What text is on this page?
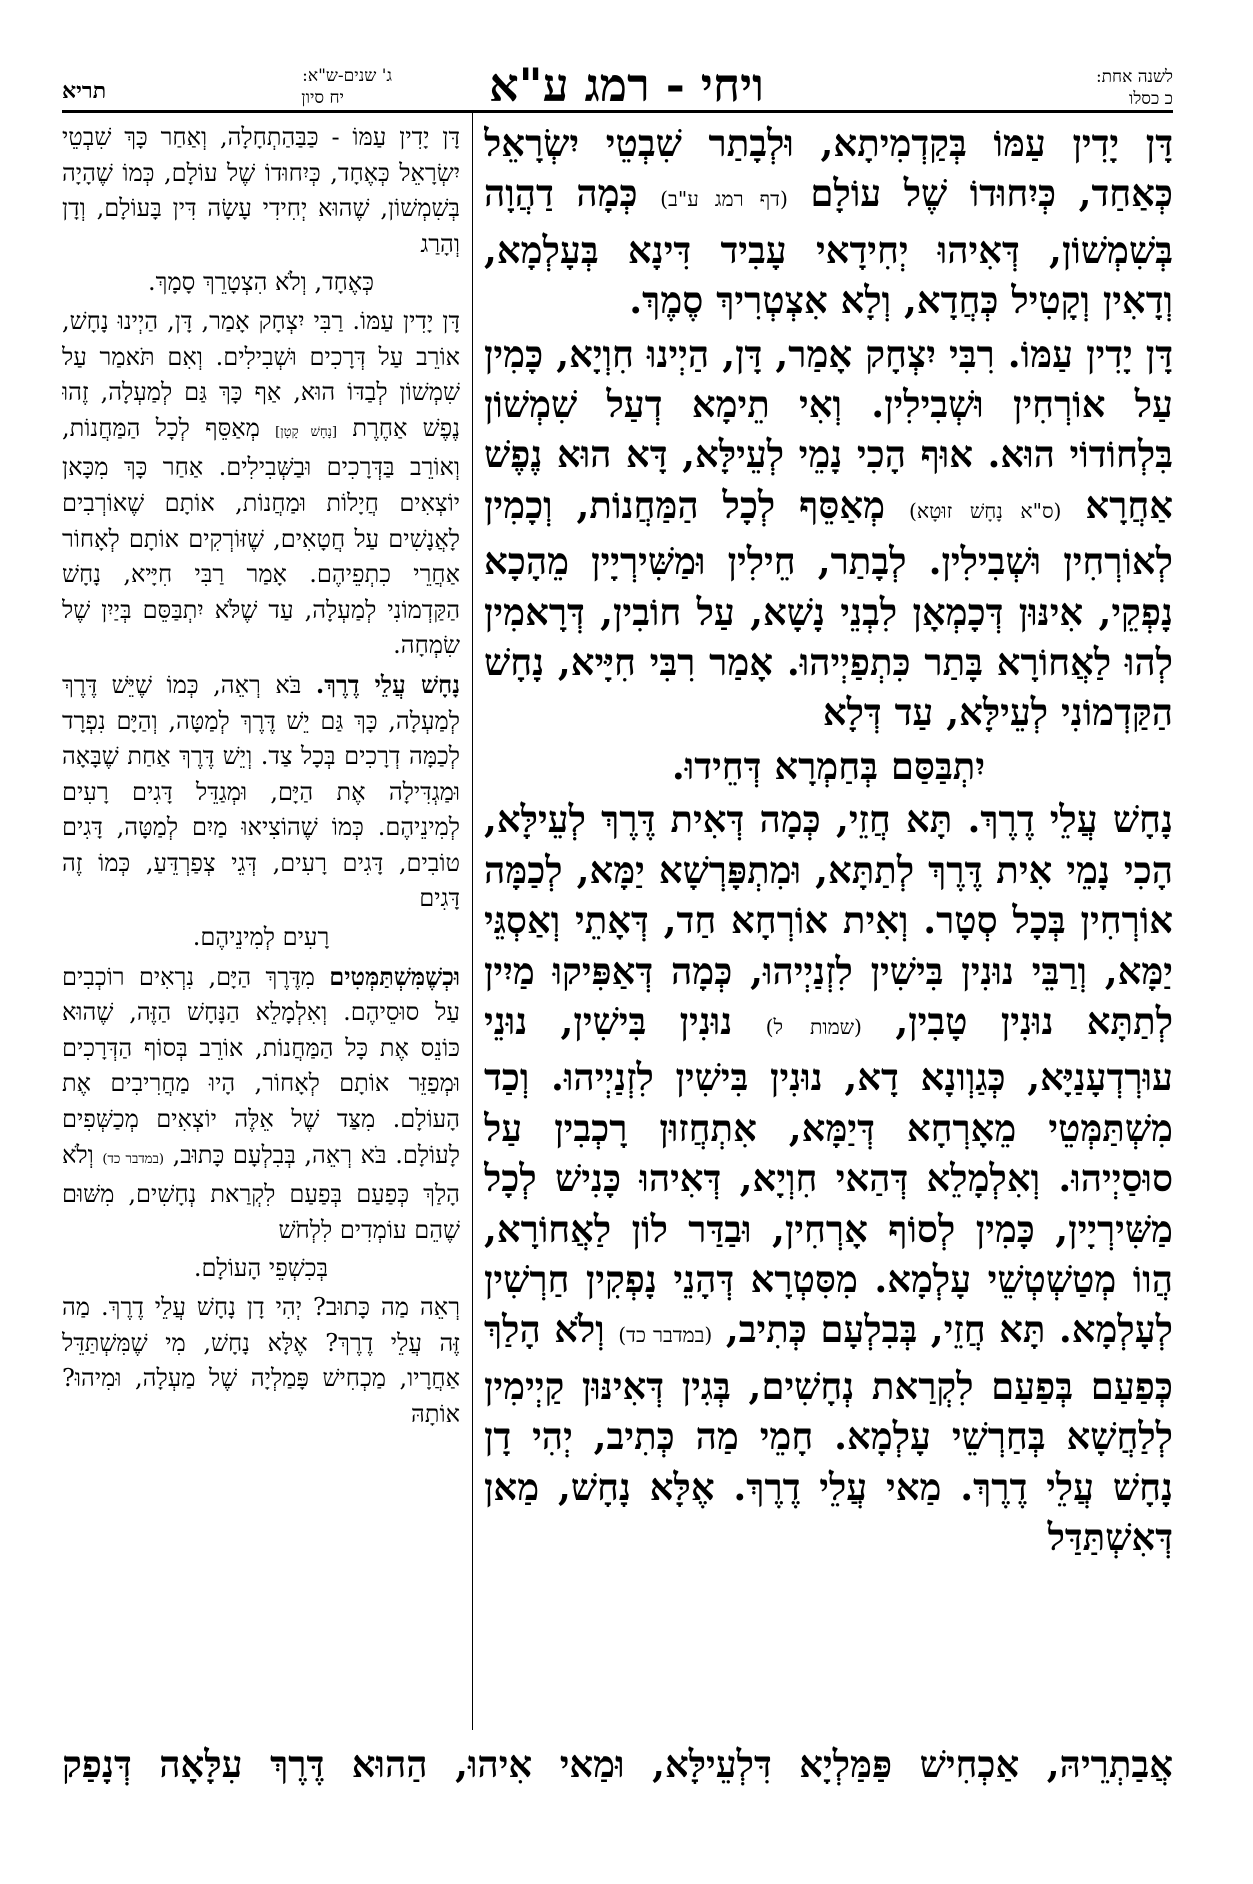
לשנה אחת:
כ כסלו
ויחי - רמג ע"א
ג' שנים-ש"א:
יח סיון
תריא

דָּן יָדִין עַמּוֹ בְּקַדְמִיתָא, וּלְבָתַר שִׁבְטֵי יִשְׂרָאֵל כְּאַחַד, כְּיִחוּדוֹ שֶׁל עוֹלָם (דף רמג ע"ב) כְּמָה דַהֲוָה בְּשִׁמְשׁוֹן, דְּאִיהוּ יְחִידָאי עָבִיד דִּינָא בְּעָלְמָא, וְדָאִין וְקָטִיל כְּחֲדָא, וְלָא אִצְטְרִיךְ סֶמֶךְ.

דָּן יָדִין עַמּוֹ. רִבִּי יִצְחָק אָמַר, דָּן, הַיְינוּ חִוְיָא, כָּמִין עַל אוֹרְחִין וּשְׁבִילִין. וְאִי תֵימָא דְעַל שִׁמְשׁוֹן בִּלְחוֹדוֹי הוּא. אוּף הָכִי נָמֵי לְעֵילָּא, דָּא הוּא נֶפֶשׁ אַחֲרָא (ס"א נָחָשׁ זוּטָא) מְאַסֵּף לְכָל הַמַּחֲנוֹת, וְכָמִין לְאוֹרְחִין וּשְׁבִילִין. לְבָתַר, חֵילִין וּמַשִּׁירְיָין מֵהָכָא נָפְקֵי, אִינּוּן דְּכָמְאָן לִבְנֵי נָשָׁא, עַל חוֹבִין, דְּרָאמִין לְהוּ לַאֲחוֹרָא בָּתַר כִּתְפַיְיהוּ. אָמַר רִבִּי חִיָּיא, נָחָשׁ הַקַּדְמוֹנִי לְעֵילָּא, עַד דְּלָא

יִתְבַּסַּם בְּחַמְרָא דְּחֵידוּ.

נָחָשׁ עֲלֵי דֶרֶךְ. תָּא חֲזֵי, כְּמָה דְּאִית דֶּרֶךְ לְעֵילָּא, הָכִי נָמֵי אִית דֶּרֶךְ לְתַתָּא, וּמִתְפָּרְשָׁא יַמָּא, לְכַמָּה אוֹרְחִין בְּכָל סְטָר. וְאִית אוֹרְחָא חַד, דְּאָתֵי וְאַסְגֵּי יַמָּא, וְרַבֵּי נוּנִין בִּישִׁין לִזְנַיְיהוּ, כְּמָה דְּאַפִּיקוּ מַיִין לְתַתָּא נוּנִין טָבִין, (שמות ל) נוּנִין בִּישִׁין, נוּנֵי עוּרְדְעָנַיָּא, כְּגַוְונָא דָא, נוּנִין בִּישִׁין לִזְנַיְיהוּ. וְכַד מִשְׁתַּמְּטֵי מֵאָרְחָא דְּיַמָּא, אִתְחֲזוּן רָכְבִין עַל סוּסַיְיהוּ. וְאִלְמָלֵא דְּהַאי חִוְיָא, דְּאִיהוּ כָּנִישׁ לְכָל מַשִּׁירְיָין, כָּמִין לְסוֹף אָרְחִין, וּבַדַּר לוֹן לַאֲחוֹרָא, הֲווֹ מְטַשְׁטְשֵׁי עָלְמָא. מִסִּטְרָא דְּהָנֵי נָפְקִין חַרְשִׁין לְעָלְמָא. תָּא חֲזֵי, בְּבִלְעָם כְּתִיב, (במדבר כד) וְלֹא הָלַךְ כְּפַעַם בְּפַעַם לִקְרַאת נְחָשִׁים, בְּגִין דְּאִינּוּן קַיְימִין לְלַחֲשָׁא בְּחַרְשֵׁי עָלְמָא. חָמֵי מַה כְּתִיב, יְהִי דָן נָחָשׁ עֲלֵי דֶרֶךְ. מַאי עֲלֵי דֶרֶךְ. אֶלָּא נָחָשׁ, מַאן דְּאִשְׁתַּדַּל

דָּן יָדִין עַמּוֹ - כַּבַּהַתְחָלָה, וְאַחַר כָּךְ שִׁבְטֵי יִשְׂרָאֵל כְּאֶחָד, כְּיִחוּדוֹ שֶׁל עוֹלָם, כְּמוֹ שֶׁהָיָה בְּשִׁמְשׁוֹן, שֶׁהוּא יְחִידִי עָשָׂה דִּין בָּעוֹלָם, וְדָן וְהָרַג

כְּאֶחָד, וְלֹא הִצְטָרֵךְ סָמָךְ.

דָּן יָדִין עַמּוֹ. רַבִּי יִצְחָק אָמַר, דָּן, הַיְינוּ נָחָשׁ, אוֹרֵב עַל דְּרָכִים וּשְׁבִילִים. וְאִם תֹּאמַר עַל שִׁמְשׁוֹן לְבַדּוֹ הוּא, אַף כָּךְ גַּם לְמַעְלָה, זֶהוּ נֶפֶשׁ אַחֶרֶת [נָחָשׁ קָטָן] מְאַסֵּף לְכָל הַמַּחֲנוֹת, וְאוֹרֵב בַּדְּרָכִים וּבַשְּׁבִילִים. אַחַר כָּךְ מִכָּאן יוֹצְאִים חֲיָלוֹת וּמַחֲנוֹת, אוֹתָם שֶׁאוֹרְבִים לָאֲנָשִׁים עַל חֲטָאִים, שֶׁזּוֹרְקִים אוֹתָם לְאָחוֹר אַחֲרֵי כִתְפֵיהֶם. אָמַר רַבִּי חִיָּיא, נָחָשׁ הַקַּדְמוֹנִי לְמַעְלָה, עַד שֶׁלֹּא יִתְבַּסֵּם בְּיַיִן שֶׁל שִׂמְחָה.

נָחָשׁ עֲלֵי דֶרֶךְ. בֹּא רְאֵה, כְּמוֹ שֶׁיֵּשׁ דֶּרֶךְ לְמַעְלָה, כָּךְ גַּם יֵשׁ דֶּרֶךְ לְמַטָּה, וְהַיָּם נִפְרָד לְכַמָּה דְרָכִים בְּכָל צַד. וְיֵשׁ דֶּרֶךְ אַחַת שֶׁבָּאָה וּמַגְדִּילָה אֶת הַיָּם, וּמְגַדֵּל דָּגִים רָעִים לְמִינֵיהֶם. כְּמוֹ שֶׁהוֹצִיאוּ מַיִם לְמַטָּה, דָּגִים טוֹבִים, דָּגִים רָעִים, דְּגֵי צְפַרְדֵּעַ, כְּמוֹ זֶה דָּגִים

רָעִים לְמִינֵיהֶם.

וּכְשֶׁמִּשְׁתַּמְּטִים מִדֶּרֶךְ הַיָּם, נִרְאִים רוֹכְבִים עַל סוּסֵיהֶם. וְאִלְמָלֵא הַנָּחָשׁ הַזֶּה, שֶׁהוּא כּוֹנֵס אֶת כָּל הַמַּחֲנוֹת, אוֹרֵב בְּסוֹף הַדְּרָכִים וּמְפַזֵּר אוֹתָם לְאָחוֹר, הָיוּ מַחֲרִיבִים אֶת הָעוֹלָם. מִצַּד שֶׁל אֵלֶּה יוֹצְאִים מְכַשְּׁפִים לָעוֹלָם. בֹּא רְאֵה, בְּבִלְעָם כָּתוּב, (במדבר כד) וְלֹא הָלַךְ כְּפַעַם בְּפַעַם לִקְרַאת נְחָשִׁים, מִשּׁוּם שֶׁהֵם עוֹמְדִים לִלְחֹשׁ

בְּכִשְׁפֵי הָעוֹלָם.

רְאֵה מַה כָּתוּב? יְהִי דָן נָחָשׁ עֲלֵי דֶרֶךְ. מַה זֶּה עֲלֵי דֶרֶךְ? אֶלָּא נָחָשׁ, מִי שֶׁמִּשְׁתַּדֵּל אַחֲרָיו, מַכְחִישׁ פָּמַלְיָה שֶׁל מַעְלָה, וּמִיהוּ? אוֹתָהּ

אֲבַתְרֵיהּ, אַכְחִישׁ פַּמַּלְיָא דִּלְעֵילָּא, וּמַאי אִיהוּ, הַהוּא דֶּרֶךְ עִלָּאָה דְּנָפַק
